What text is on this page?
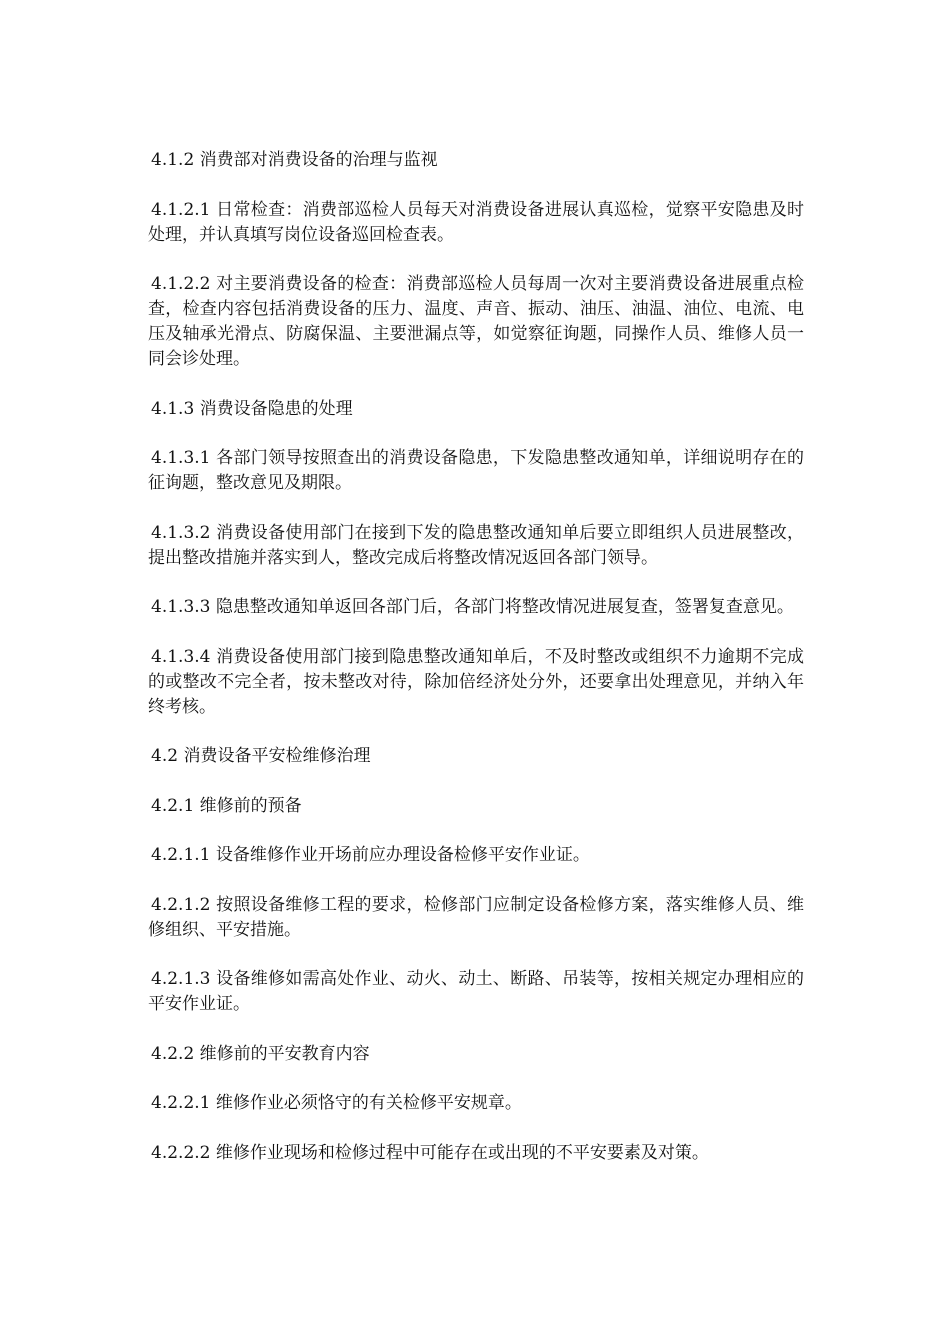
4.1.2 消费部对消费设备的治理与监视

4.1.2.1 日常检查：消费部巡检人员每天对消费设备进展认真巡检，觉察平安隐患及时处理，并认真填写岗位设备巡回检查表。

4.1.2.2 对主要消费设备的检查：消费部巡检人员每周一次对主要消费设备进展重点检查，检查内容包括消费设备的压力、温度、声音、振动、油压、油温、油位、电流、电压及轴承光滑点、防腐保温、主要泄漏点等，如觉察征询题，同操作人员、维修人员一同会诊处理。

4.1.3 消费设备隐患的处理

4.1.3.1 各部门领导按照查出的消费设备隐患，下发隐患整改通知单，详细说明存在的征询题，整改意见及期限。

4.1.3.2 消费设备使用部门在接到下发的隐患整改通知单后要立即组织人员进展整改，提出整改措施并落实到人，整改完成后将整改情况返回各部门领导。

4.1.3.3 隐患整改通知单返回各部门后，各部门将整改情况进展复查，签署复查意见。

4.1.3.4 消费设备使用部门接到隐患整改通知单后，不及时整改或组织不力逾期不完成的或整改不完全者，按未整改对待，除加倍经济处分外，还要拿出处理意见，并纳入年终考核。

4.2 消费设备平安检维修治理

4.2.1 维修前的预备

4.2.1.1 设备维修作业开场前应办理设备检修平安作业证。

4.2.1.2 按照设备维修工程的要求，检修部门应制定设备检修方案，落实维修人员、维修组织、平安措施。

4.2.1.3 设备维修如需高处作业、动火、动土、断路、吊装等，按相关规定办理相应的平安作业证。

4.2.2 维修前的平安教育内容

4.2.2.1 维修作业必须恪守的有关检修平安规章。

4.2.2.2 维修作业现场和检修过程中可能存在或出现的不平安要素及对策。
